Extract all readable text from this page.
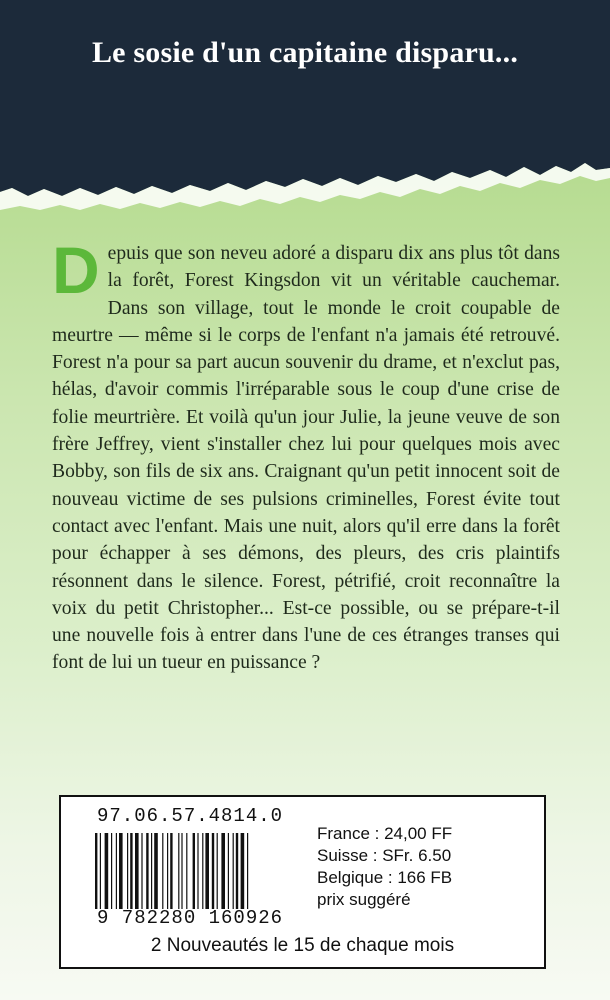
Le sosie d'un capitaine disparu...

Depuis que son neveu adoré a disparu dix ans plus tôt dans la forêt, Forest Kingsdon vit un véritable cauchemar. Dans son village, tout le monde le croit coupable de meurtre — même si le corps de l'enfant n'a jamais été retrouvé. Forest n'a pour sa part aucun souvenir du drame, et n'exclut pas, hélas, d'avoir commis l'irréparable sous le coup d'une crise de folie meurtrière. Et voilà qu'un jour Julie, la jeune veuve de son frère Jeffrey, vient s'installer chez lui pour quelques mois avec Bobby, son fils de six ans. Craignant qu'un petit innocent soit de nouveau victime de ses pulsions criminelles, Forest évite tout contact avec l'enfant. Mais une nuit, alors qu'il erre dans la forêt pour échapper à ses démons, des pleurs, des cris plaintifs résonnent dans le silence. Forest, pétrifié, croit reconnaître la voix du petit Christopher... Est-ce possible, ou se prépare-t-il une nouvelle fois à entrer dans l'une de ces étranges transes qui font de lui un tueur en puissance ?

97.06.57.4814.0
9 782280 160926
France : 24,00 FF
Suisse : SFr. 6.50
Belgique : 166 FB
prix suggéré
2 Nouveautés le 15 de chaque mois
